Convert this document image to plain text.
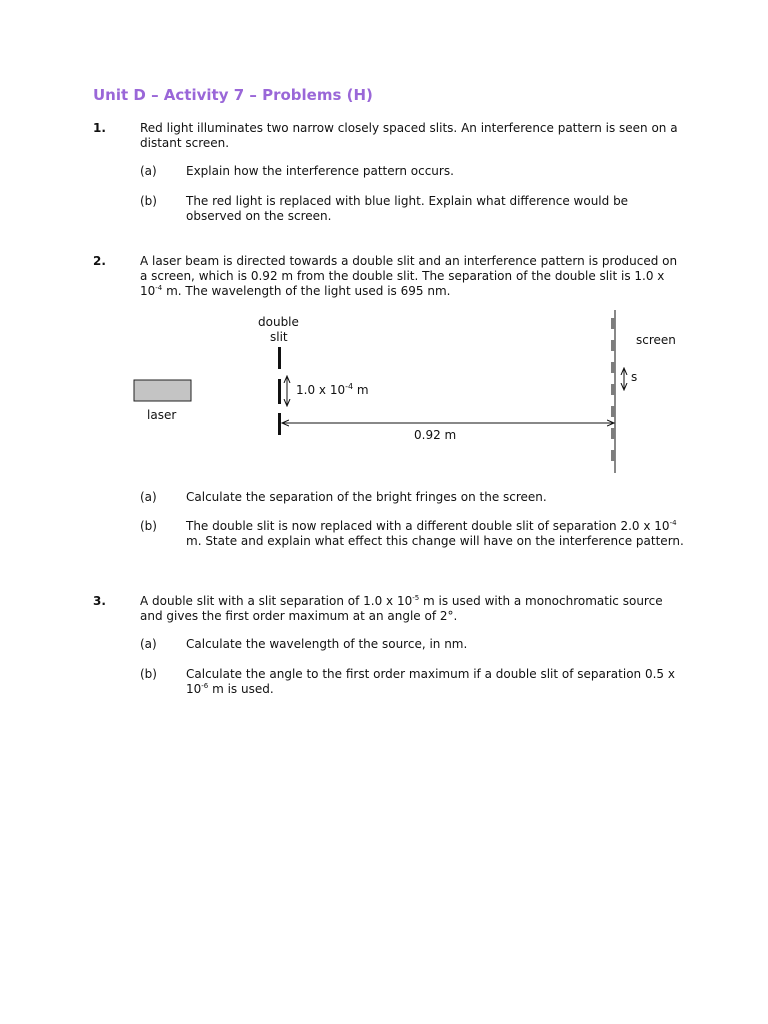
Unit D – Activity 7 – Problems (H)
1.	Red light illuminates two narrow closely spaced slits. An interference pattern is seen on a distant screen.
(a) Explain how the interference pattern occurs.
(b) The red light is replaced with blue light. Explain what difference would be observed on the screen.
2.	A laser beam is directed towards a double slit and an interference pattern is produced on a screen, which is 0.92 m from the double slit. The separation of the double slit is 1.0 x $10^{-4}$ m. The wavelength of the light used is 695 nm.
laser
double
slit
1.0 x $10^{-4}$ m
0.92 m
screen
s
(a) Calculate the separation of the bright fringes on the screen.
(b) The double slit is now replaced with a different double slit of separation 2.0 x $10^{-4}$ m. State and explain what effect this change will have on the interference pattern.
3.	A double slit with a slit separation of 1.0 x $10^{-5}$ m is used with a monochromatic source and gives the first order maximum at an angle of 2°.
(a) Calculate the wavelength of the source, in nm.
(b) Calculate the angle to the first order maximum if a double slit of separation 0.5 x $10^{-6}$ m is used.
